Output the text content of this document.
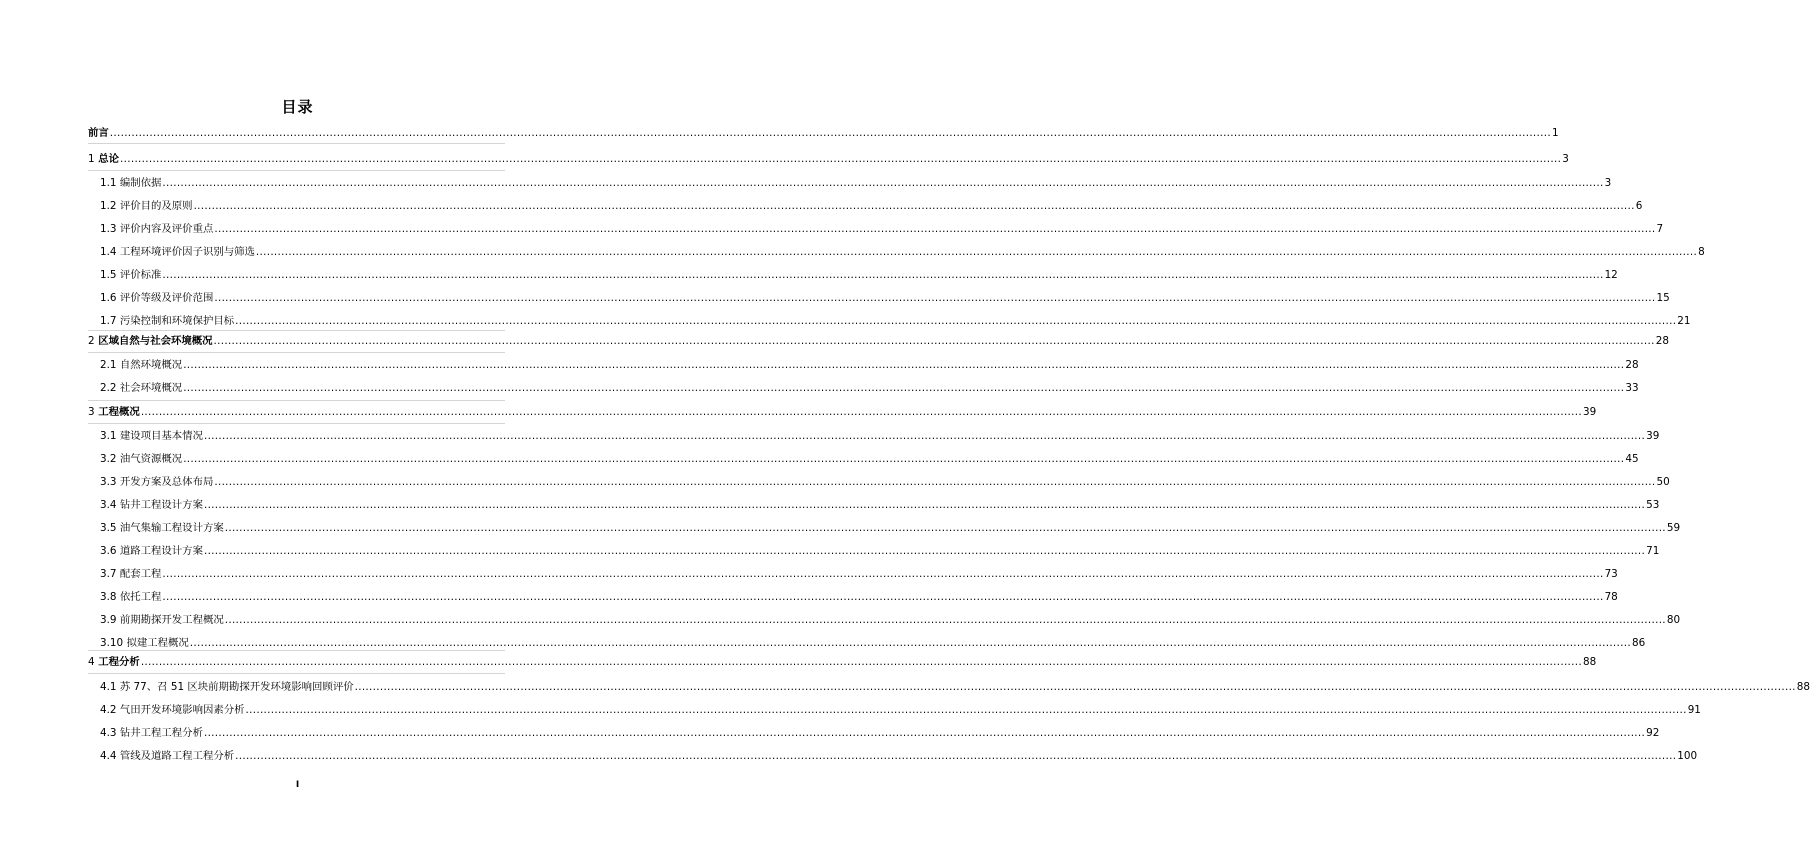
目录
前言 ................................................................................................................................................................................................................................................................................................................................................................................................................ 1
1 总论 ................................................................................................................................................................................................................................................................................................................................................................................................................ 3
1.1 编制依据 ................................................................................................................................................................................................................................................................................................................................................................................................................ 3
1.2 评价目的及原则 ................................................................................................................................................................................................................................................................................................................................................................................................................ 6
1.3 评价内容及评价重点 ................................................................................................................................................................................................................................................................................................................................................................................................................ 7
1.4 工程环境评价因子识别与筛选 ................................................................................................................................................................................................................................................................................................................................................................................................................ 8
1.5 评价标准 ................................................................................................................................................................................................................................................................................................................................................................................................................ 12
1.6 评价等级及评价范围 ................................................................................................................................................................................................................................................................................................................................................................................................................ 15
1.7 污染控制和环境保护目标 ................................................................................................................................................................................................................................................................................................................................................................................................................ 21
2 区域自然与社会环境概况 ................................................................................................................................................................................................................................................................................................................................................................................................................ 28
2.1 自然环境概况 ................................................................................................................................................................................................................................................................................................................................................................................................................ 28
2.2 社会环境概况 ................................................................................................................................................................................................................................................................................................................................................................................................................ 33
3 工程概况 ................................................................................................................................................................................................................................................................................................................................................................................................................ 39
3.1 建设项目基本情况 ................................................................................................................................................................................................................................................................................................................................................................................................................ 39
3.2 油气资源概况 ................................................................................................................................................................................................................................................................................................................................................................................................................ 45
3.3 开发方案及总体布局 ................................................................................................................................................................................................................................................................................................................................................................................................................ 50
3.4 钻井工程设计方案 ................................................................................................................................................................................................................................................................................................................................................................................................................ 53
3.5 油气集输工程设计方案 ................................................................................................................................................................................................................................................................................................................................................................................................................ 59
3.6 道路工程设计方案 ................................................................................................................................................................................................................................................................................................................................................................................................................ 71
3.7 配套工程 ................................................................................................................................................................................................................................................................................................................................................................................................................ 73
3.8 依托工程 ................................................................................................................................................................................................................................................................................................................................................................................................................ 78
3.9 前期勘探开发工程概况 ................................................................................................................................................................................................................................................................................................................................................................................................................ 80
3.10 拟建工程概况 ................................................................................................................................................................................................................................................................................................................................................................................................................ 86
4 工程分析 ................................................................................................................................................................................................................................................................................................................................................................................................................ 88
4.1 苏 77、召 51 区块前期勘探开发环境影响回顾评价 ................................................................................................................................................................................................................................................................................................................................................................................................................ 88
4.2 气田开发环境影响因素分析 ................................................................................................................................................................................................................................................................................................................................................................................................................ 91
4.3 钻井工程工程分析 ................................................................................................................................................................................................................................................................................................................................................................................................................ 92
4.4 管线及道路工程工程分析 ................................................................................................................................................................................................................................................................................................................................................................................................................ 100
I
